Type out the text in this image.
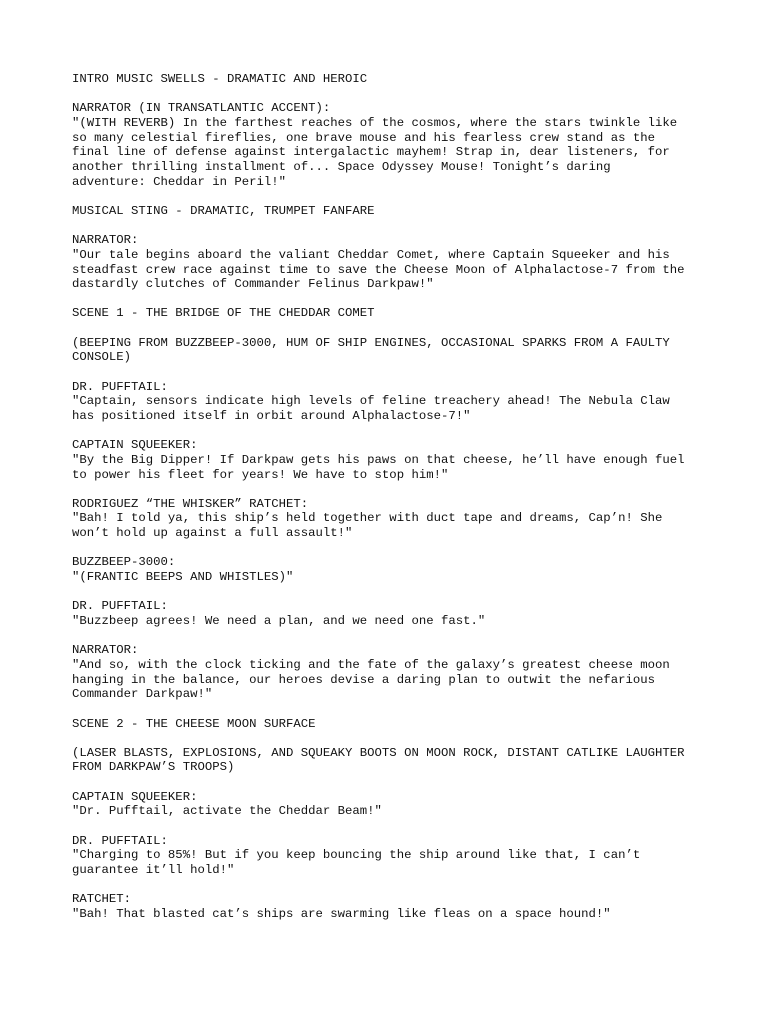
INTRO MUSIC SWELLS - DRAMATIC AND HEROIC
NARRATOR (IN TRANSATLANTIC ACCENT):
"(WITH REVERB) In the farthest reaches of the cosmos, where the stars twinkle like
so many celestial fireflies, one brave mouse and his fearless crew stand as the
final line of defense against intergalactic mayhem! Strap in, dear listeners, for
another thrilling installment of... Space Odyssey Mouse! Tonight’s daring
adventure: Cheddar in Peril!"
MUSICAL STING - DRAMATIC, TRUMPET FANFARE
NARRATOR:
"Our tale begins aboard the valiant Cheddar Comet, where Captain Squeeker and his
steadfast crew race against time to save the Cheese Moon of Alphalactose-7 from the
dastardly clutches of Commander Felinus Darkpaw!"
SCENE 1 - THE BRIDGE OF THE CHEDDAR COMET
(BEEPING FROM BUZZBEEP-3000, HUM OF SHIP ENGINES, OCCASIONAL SPARKS FROM A FAULTY
CONSOLE)
DR. PUFFTAIL:
"Captain, sensors indicate high levels of feline treachery ahead! The Nebula Claw
has positioned itself in orbit around Alphalactose-7!"
CAPTAIN SQUEEKER:
"By the Big Dipper! If Darkpaw gets his paws on that cheese, he’ll have enough fuel
to power his fleet for years! We have to stop him!"
RODRIGUEZ “THE WHISKER” RATCHET:
"Bah! I told ya, this ship’s held together with duct tape and dreams, Cap’n! She
won’t hold up against a full assault!"
BUZZBEEP-3000:
"(FRANTIC BEEPS AND WHISTLES)"
DR. PUFFTAIL:
"Buzzbeep agrees! We need a plan, and we need one fast."
NARRATOR:
"And so, with the clock ticking and the fate of the galaxy’s greatest cheese moon
hanging in the balance, our heroes devise a daring plan to outwit the nefarious
Commander Darkpaw!"
SCENE 2 - THE CHEESE MOON SURFACE
(LASER BLASTS, EXPLOSIONS, AND SQUEAKY BOOTS ON MOON ROCK, DISTANT CATLIKE LAUGHTER
FROM DARKPAW’S TROOPS)
CAPTAIN SQUEEKER:
"Dr. Pufftail, activate the Cheddar Beam!"
DR. PUFFTAIL:
"Charging to 85%! But if you keep bouncing the ship around like that, I can’t
guarantee it’ll hold!"
RATCHET:
"Bah! That blasted cat’s ships are swarming like fleas on a space hound!"
